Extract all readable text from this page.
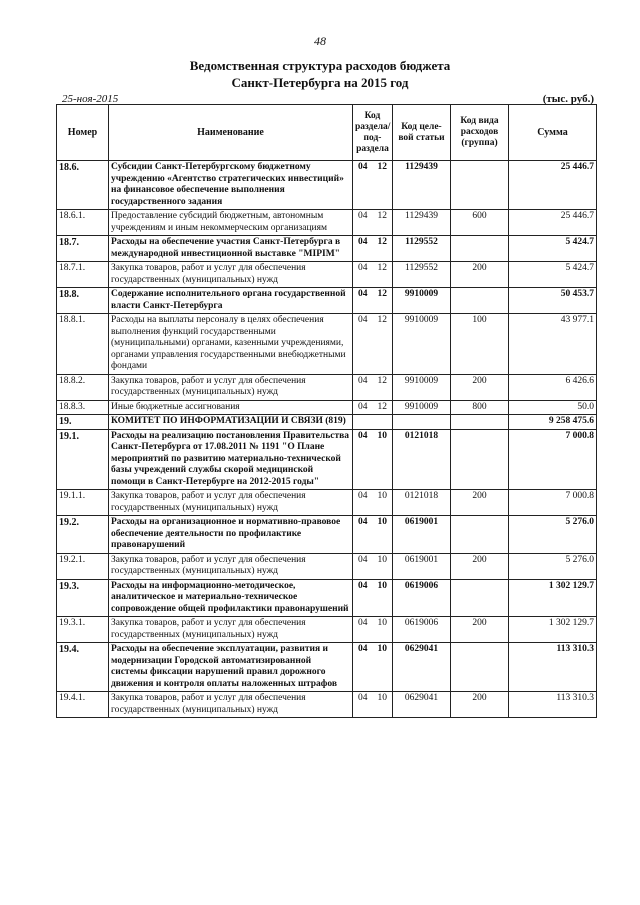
48
Ведомственная структура расходов бюджета
Санкт-Петербурга на 2015 год
25-ноя-2015	(тыс. руб.)
Номер	Наименование	Код раздела/ под- раздела	Код целе- вой статьи	Код вида расходов (группа)	Сумма
18.6.	Субсидии Санкт-Петербургскому бюджетному учреждению «Агентство стратегических инвестиций» на финансовое обеспечение выполнения государственного задания	04 12	1129439		25 446.7
18.6.1.	Предоставление субсидий бюджетным, автономным учреждениям и иным некоммерческим организациям	04 12	1129439	600	25 446.7
18.7.	Расходы на обеспечение участия Санкт-Петербурга в международной инвестиционной выставке "MIPIM"	04 12	1129552		5 424.7
18.7.1.	Закупка товаров, работ и услуг для обеспечения государственных (муниципальных) нужд	04 12	1129552	200	5 424.7
18.8.	Содержание исполнительного органа государственной власти Санкт-Петербурга	04 12	9910009		50 453.7
18.8.1.	Расходы на выплаты персоналу в целях обеспечения выполнения функций государственными (муниципальными) органами, казенными учреждениями, органами управления государственными внебюджетными фондами	04 12	9910009	100	43 977.1
18.8.2.	Закупка товаров, работ и услуг для обеспечения государственных (муниципальных) нужд	04 12	9910009	200	6 426.6
18.8.3.	Иные бюджетные ассигнования	04 12	9910009	800	50.0
19.	КОМИТЕТ ПО ИНФОРМАТИЗАЦИИ И СВЯЗИ (819)				9 258 475.6
19.1.	Расходы на реализацию постановления Правительства Санкт-Петербурга от 17.08.2011 № 1191 "О Плане мероприятий по развитию материально-технической базы учреждений службы скорой медицинской помощи в Санкт-Петербурге на 2012-2015 годы"	04 10	0121018		7 000.8
19.1.1.	Закупка товаров, работ и услуг для обеспечения государственных (муниципальных) нужд	04 10	0121018	200	7 000.8
19.2.	Расходы на организационное и нормативно-правовое обеспечение деятельности по профилактике правонарушений	04 10	0619001		5 276.0
19.2.1.	Закупка товаров, работ и услуг для обеспечения государственных (муниципальных) нужд	04 10	0619001	200	5 276.0
19.3.	Расходы на информационно-методическое, аналитическое и материально-техническое сопровождение общей профилактики правонарушений	04 10	0619006		1 302 129.7
19.3.1.	Закупка товаров, работ и услуг для обеспечения государственных (муниципальных) нужд	04 10	0619006	200	1 302 129.7
19.4.	Расходы на обеспечение эксплуатации, развития и модернизации Городской автоматизированной системы фиксации нарушений правил дорожного движения и контроля оплаты наложенных штрафов	04 10	0629041		113 310.3
19.4.1.	Закупка товаров, работ и услуг для обеспечения государственных (муниципальных) нужд	04 10	0629041	200	113 310.3
